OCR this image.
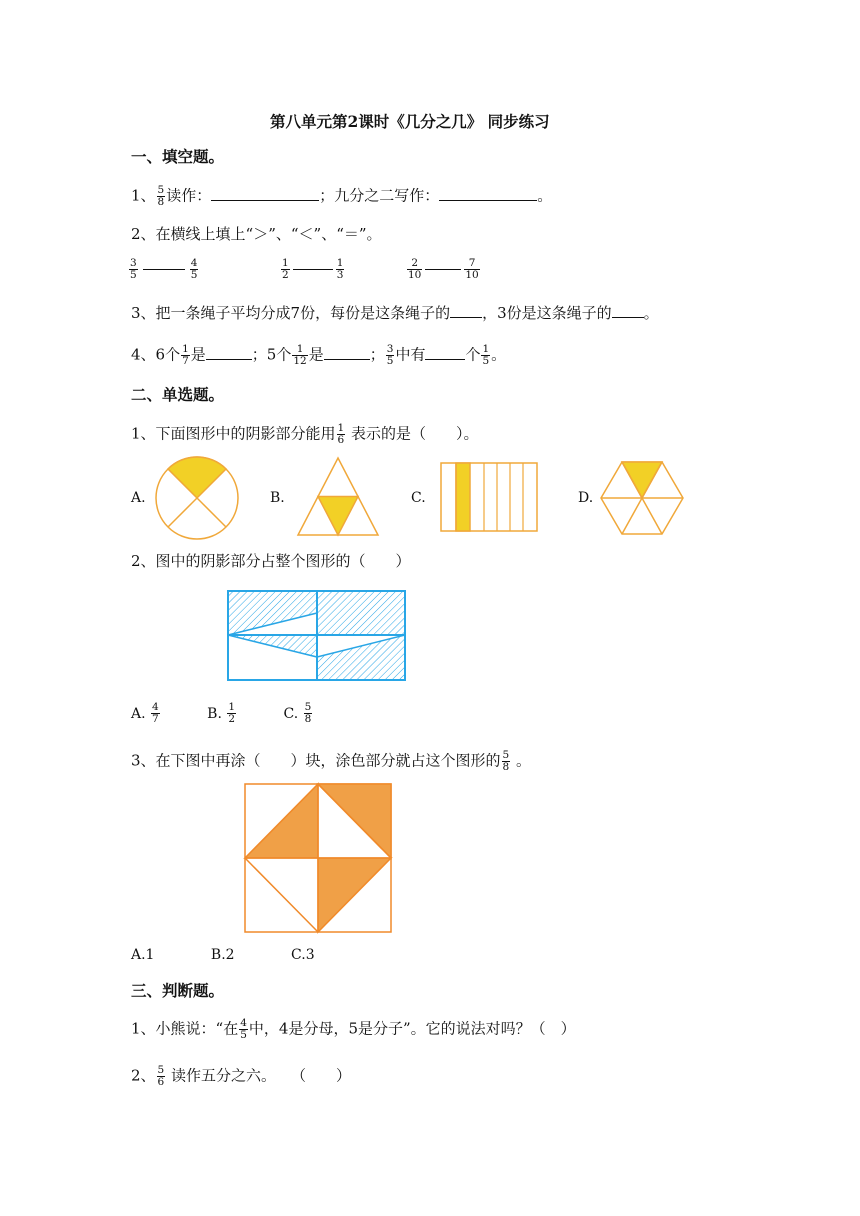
第八单元第2课时《几分之几》 同步练习
一、填空题。
1、 $\frac{5}{8}$ 读作：	；九分之二写作：	。
2、在横线上填上“＞”、“＜”、“＝”。
$\frac{3}{5}$	$\frac{4}{5}$	$\frac{1}{2}$	$\frac{1}{3}$	$\frac{2}{10}$	$\frac{7}{10}$
3、把一条绳子平均分成7份，每份是这条绳子的 ，3份是这条绳子的 。
4、6个 $\frac{1}{7}$ 是	；5个 $\frac{1}{12}$ 是	； $\frac{3}{5}$ 中有	个 $\frac{1}{5}$ 。
二、单选题。
1、下面图形中的阴影部分能用 $\frac{1}{6}$ 表示的是（　　）。
A.	B.	C.	D.
2、图中的阴影部分占整个图形的（　　）
A. $\frac{4}{7}$	B. $\frac{1}{2}$	C. $\frac{5}{8}$
3、在下图中再涂（　　）块，涂色部分就占这个图形的 $\frac{5}{8}$ 。
A.1	B.2	C.3
三、判断题。
1、小熊说：“在 $\frac{4}{5}$ 中，4是分母，5是分子”。它的说法对吗？（　）
2、 $\frac{5}{6}$ 读作五分之六。　　（　　）
